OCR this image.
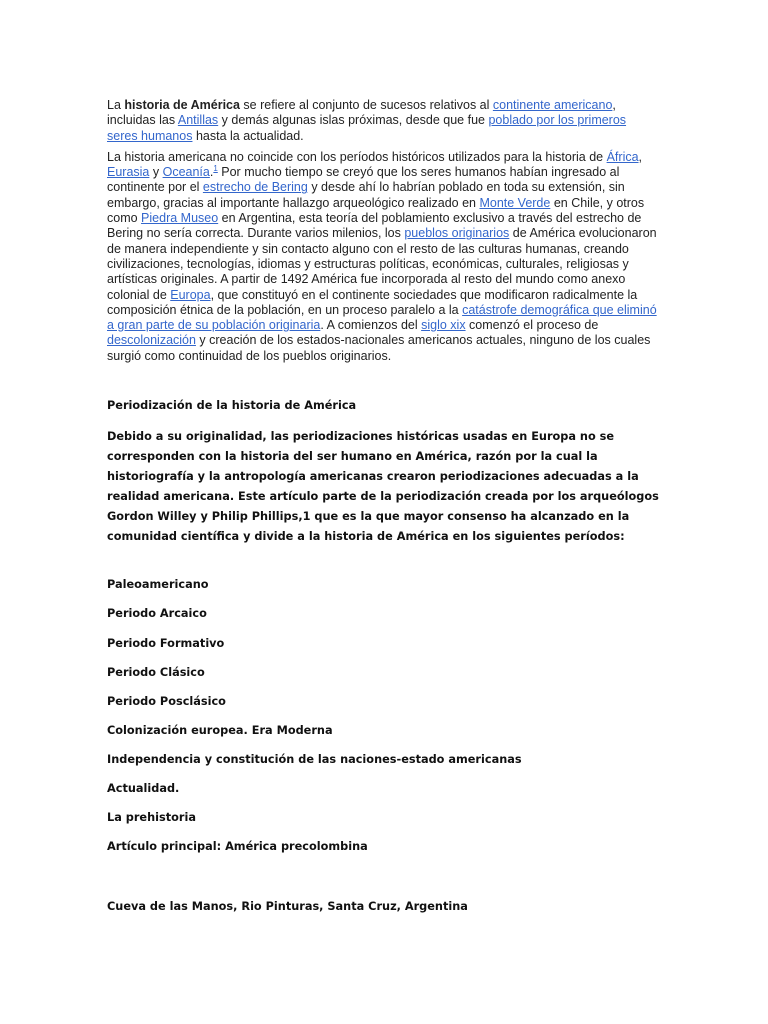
La historia de América se refiere al conjunto de sucesos relativos al continente americano, incluidas las Antillas y demás algunas islas próximas, desde que fue poblado por los primeros seres humanos hasta la actualidad.

La historia americana no coincide con los períodos históricos utilizados para la historia de África, Eurasia y Oceanía.$^1$ Por mucho tiempo se creyó que los seres humanos habían ingresado al continente por el estrecho de Bering y desde ahí lo habrían poblado en toda su extensión, sin embargo, gracias al importante hallazgo arqueológico realizado en Monte Verde en Chile, y otros como Piedra Museo en Argentina, esta teoría del poblamiento exclusivo a través del estrecho de Bering no sería correcta. Durante varios milenios, los pueblos originarios de América evolucionaron de manera independiente y sin contacto alguno con el resto de las culturas humanas, creando civilizaciones, tecnologías, idiomas y estructuras políticas, económicas, culturales, religiosas y artísticas originales. A partir de 1492 América fue incorporada al resto del mundo como anexo colonial de Europa, que constituyó en el continente sociedades que modificaron radicalmente la composición étnica de la población, en un proceso paralelo a la catástrofe demográfica que eliminó a gran parte de su población originaria. A comienzos del siglo xix comenzó el proceso de descolonización y creación de los estados-nacionales americanos actuales, ninguno de los cuales surgió como continuidad de los pueblos originarios.

Periodización de la historia de América
Debido a su originalidad, las periodizaciones históricas usadas en Europa no se corresponden con la historia del ser humano en América, razón por la cual la historiografía y la antropología americanas crearon periodizaciones adecuadas a la realidad americana. Este artículo parte de la periodización creada por los arqueólogos Gordon Willey y Philip Phillips,1 que es la que mayor consenso ha alcanzado en la comunidad científica y divide a la historia de América en los siguientes períodos:
Paleoamericano
Periodo Arcaico
Periodo Formativo
Periodo Clásico
Periodo Posclásico
Colonización europea. Era Moderna
Independencia y constitución de las naciones-estado americanas
Actualidad.
La prehistoria
Artículo principal: América precolombina
Cueva de las Manos, Rio Pinturas, Santa Cruz, Argentina
